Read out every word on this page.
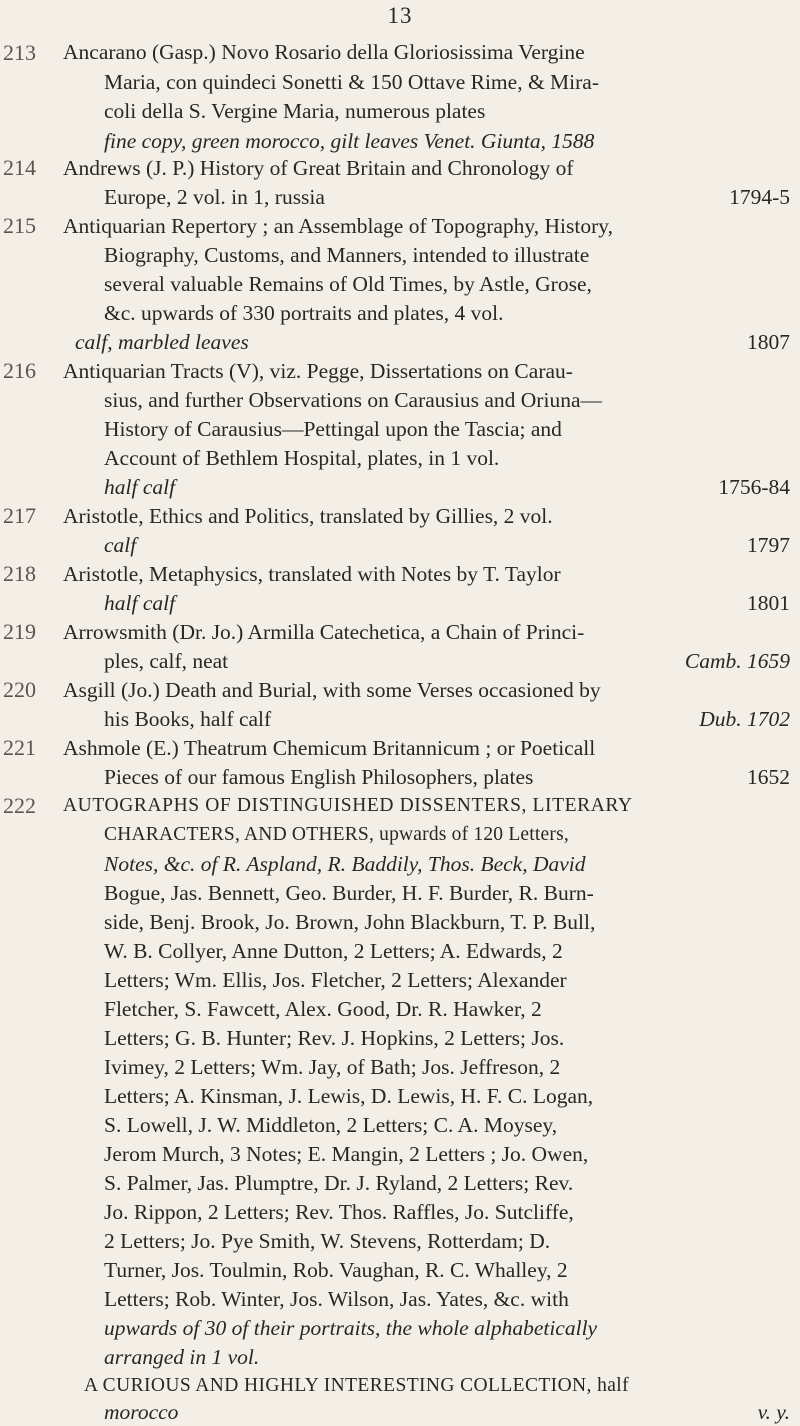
13
213 Ancarano (Gasp.) Novo Rosario della Gloriosissima Vergine
Maria, con quindeci Sonetti & 150 Ottave Rime, & Mira-
coli della S. Vergine Maria, numerous plates
fine copy, green morocco, gilt leaves Venet. Giunta, 1588
214 Andrews (J. P.) History of Great Britain and Chronology of
Europe, 2 vol. in 1, russia	1794-5
215 Antiquarian Repertory ; an Assemblage of Topography, History,
Biography, Customs, and Manners, intended to illustrate
several valuable Remains of Old Times, by Astle, Grose,
&c. upwards of 330 portraits and plates, 4 vol.
calf, marbled leaves	1807
216 Antiquarian Tracts (V), viz. Pegge, Dissertations on Carau-
sius, and further Observations on Carausius and Oriuna—
History of Carausius—Pettingal upon the Tascia; and
Account of Bethlem Hospital, plates, in 1 vol.
half calf	1756-84
217 Aristotle, Ethics and Politics, translated by Gillies, 2 vol.
calf	1797
218 Aristotle, Metaphysics, translated with Notes by T. Taylor
half calf	1801
219 Arrowsmith (Dr. Jo.) Armilla Catechetica, a Chain of Princi-
ples, calf, neat	Camb. 1659
220 Asgill (Jo.) Death and Burial, with some Verses occasioned by
his Books, half calf	Dub. 1702
221 Ashmole (E.) Theatrum Chemicum Britannicum ; or Poeticall
Pieces of our famous English Philosophers, plates	1652
222 AUTOGRAPHS OF DISTINGUISHED DISSENTERS, LITERARY
CHARACTERS, AND OTHERS, upwards of 120 Letters,
Notes, &c. of R. Aspland, R. Baddily, Thos. Beck, David
Bogue, Jas. Bennett, Geo. Burder, H. F. Burder, R. Burn-
side, Benj. Brook, Jo. Brown, John Blackburn, T. P. Bull,
W. B. Collyer, Anne Dutton, 2 Letters; A. Edwards, 2
Letters; Wm. Ellis, Jos. Fletcher, 2 Letters; Alexander
Fletcher, S. Fawcett, Alex. Good, Dr. R. Hawker, 2
Letters; G. B. Hunter; Rev. J. Hopkins, 2 Letters; Jos.
Ivimey, 2 Letters; Wm. Jay, of Bath; Jos. Jeffreson, 2
Letters; A. Kinsman, J. Lewis, D. Lewis, H. F. C. Logan,
S. Lowell, J. W. Middleton, 2 Letters; C. A. Moysey,
Jerom Murch, 3 Notes; E. Mangin, 2 Letters ; Jo. Owen,
S. Palmer, Jas. Plumptre, Dr. J. Ryland, 2 Letters; Rev.
Jo. Rippon, 2 Letters; Rev. Thos. Raffles, Jo. Sutcliffe,
2 Letters; Jo. Pye Smith, W. Stevens, Rotterdam; D.
Turner, Jos. Toulmin, Rob. Vaughan, R. C. Whalley, 2
Letters; Rob. Winter, Jos. Wilson, Jas. Yates, &c. with
upwards of 30 of their portraits, the whole alphabetically
arranged in 1 vol.
A CURIOUS AND HIGHLY INTERESTING COLLECTION, half
morocco	v. y.
